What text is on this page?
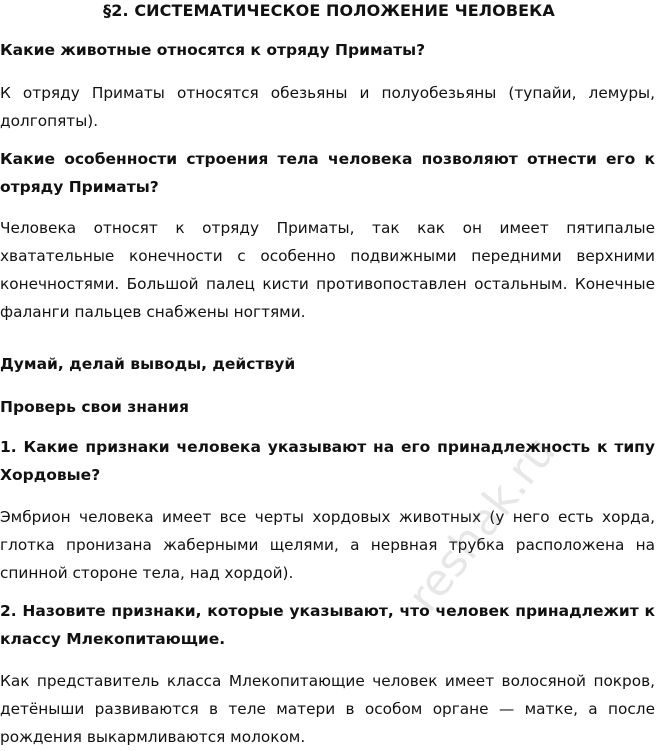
§2. СИСТЕМАТИЧЕСКОЕ ПОЛОЖЕНИЕ ЧЕЛОВЕКА
Какие животные относятся к отряду Приматы?
К отряду Приматы относятся обезьяны и полуобезьяны (тупайи, лемуры, долгопяты).
Какие особенности строения тела человека позволяют отнести его к отряду Приматы?
Человека относят к отряду Приматы, так как он имеет пятипалые хватательные конечности с особенно подвижными передними верхними конечностями. Большой палец кисти противопоставлен остальным. Конечные фаланги пальцев снабжены ногтями.
Думай, делай выводы, действуй
Проверь свои знания
1. Какие признаки человека указывают на его принадлежность к типу Хордовые?
Эмбрион человека имеет все черты хордовых животных (у него есть хорда, глотка пронизана жаберными щелями, а нервная трубка расположена на спинной стороне тела, над хордой).
2. Назовите признаки, которые указывают, что человек принадлежит к классу Млекопитающие.
Как представитель класса Млекопитающие человек имеет волосяной покров, детёныши развиваются в теле матери в особом органе — матке, а после рождения выкармливаются молоком.
reshak.ru
